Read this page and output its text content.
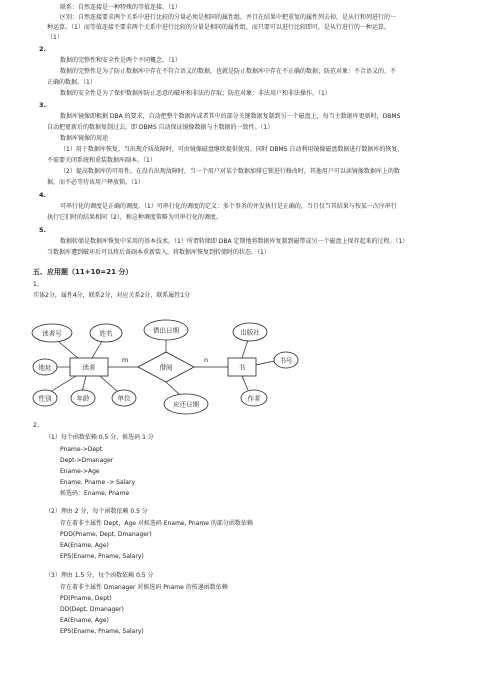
联系：自然连接是一种特殊的等值连接。（1）
区别：自然连接要求两个关系中进行比较的分量必须是相同的属性组，并且在结果中把重复的属性列去掉，是从行和列进行的一
种运算。（1）而等值连接不要求两个关系中进行比较的分量是相同的属性组，而只要可以进行比较即可，是从行进行的一种运算。
（1）
2.
数据的完整性和安全性是两个不同概念。（1）
数据的完整性是为了防止数据库中存在不符合语义的数据，也就是防止数据库中存在不正确的数据；防范对象：不合语义的、不
正确的数据。（1）
数据的安全性是为了保护数据库防止恶意的破坏和非法的存取；防范对象：非法用户和非法操作。（1）
3.
数据库镜像即根据 DBA 的要求，自动把整个数据库或者其中的部分关键数据复制到另一个磁盘上，每当主数据库更新时，DBMS
自动把更新后的数据复制过去，即 DBMS 自动保证镜像数据与主数据的一致性。（1）
数据库镜像的用途
（1）用于数据库恢复。当出现介质故障时，可由镜像磁盘继续提供使用，同时 DBMS 自动利用镜像磁盘数据进行数据库的恢复，
不需要关闭系统和重装数据库副本。（1）
（2）提高数据库的可用性。在没有出现故障时，当一个用户对某个数据加排它锁进行修改时，其他用户可以读镜像数据库上的数
据，而不必等待该用户释放锁。（1）
4.
可串行化的调度是正确的调度。（1）可串行化的调度的定义：多个事务的并发执行是正确的，当且仅当其结果与按某一次序串行
执行它们时的结果相同（2），称这种调度策略为可串行化的调度。
5.
数据转储是数据库恢复中采用的基本技术。（1）所谓转储即 DBA 定期地将数据库复制到磁带或另一个磁盘上保存起来的过程。（1）
当数据库遭到破坏后可以将后备副本重新装入，将数据库恢复到转储时的状态。（1）
五、应用题（11+10=21 分）
1、
实体2分，属性4分，联系2分，对应关系2分，联系属性1分
读者号	姓名
地址
性别	年龄	单位
读者
m
借阅
借出日期
应还日期
n
书
出版社
书号
作者
2、
（1）每个函数依赖 0.5 分，候选码 1 分
Pname->Dept
Dept->Dmanager
Ename->Age
Ename, Pname -> Salary
候选码：Ename, Pname
（2）理由 2 分，每个函数依赖 0.5 分
存在着非主属性 Dept，Age 对候选码 Ename, Pname 的部分函数依赖
PDD(Pname, Dept, Dmanager)
EA(Ename, Age)
EPS(Ename, Pname, Salary)
（3）理由 1.5 分，每个函数依赖 0.5 分
存在着非主属性 Dmanager 对候选码 Pname 的传递函数依赖
PD(Pname, Dept)
DD(Dept, Dmanager)
EA(Ename, Age)
EPS(Ename, Pname, Salary)
